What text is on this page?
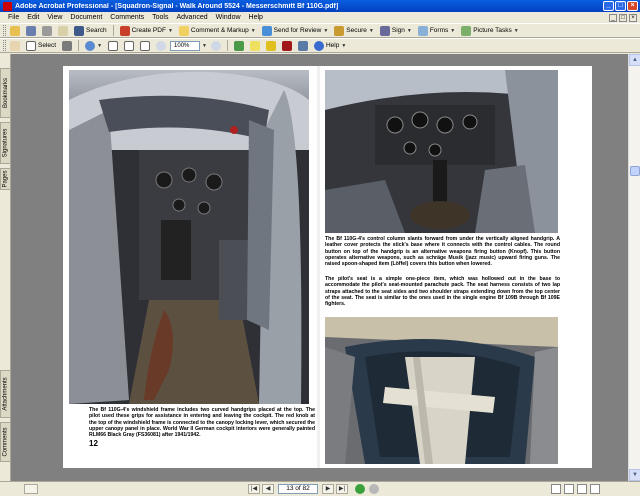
Adobe Acrobat Professional - [Squadron-Signal - Walk Around 5524 - Messerschmitt Bf 110G.pdf]	_	□	×
File	Edit	View	Document	Comments	Tools	Advanced	Window	Help	_	□	×
Search	Create PDF ▼	Comment & Markup ▼	Send for Review ▼	Secure ▼	Sign ▼	Forms ▼	Picture Tasks ▼
Select	▼	100%	▼	Help ▼
Bookmarks
Signatures
Pages
Attachments
Comments
The Bf 110G-4's windshield frame includes two curved handgrips placed at the top. The pilot used these grips for assistance in entering and leaving the cockpit. The red knob at the top of the windshield frame is connected to the canopy locking lever, which secured the upper canopy panel in place. World War II German cockpit interiors were generally painted RLM66 Black Gray (FS36081) after 1941/1942.
12
The Bf 110G-4's control column slants forward from under the vertically aligned handgrip. A leather cover protects the stick's base where it connects with the control cables. The round button on top of the handgrip is an alternative weapons firing button (Knopf). This button operates alternative weapons, such as schräge Musik (jazz music) upward firing guns. The raised spoon-shaped item (Löffel) covers this button when lowered.
The pilot's seat is a simple one-piece item, which was hollowed out in the base to accommodate the pilot's seat-mounted parachute pack. The seat harness consists of two lap straps attached to the seat sides and two shoulder straps extending down from the top center of the seat. The seat is similar to the ones used in the single engine Bf 109B through Bf 109E fighters.
▲
▼
|◀	◀	13 of 82	▶	▶|
